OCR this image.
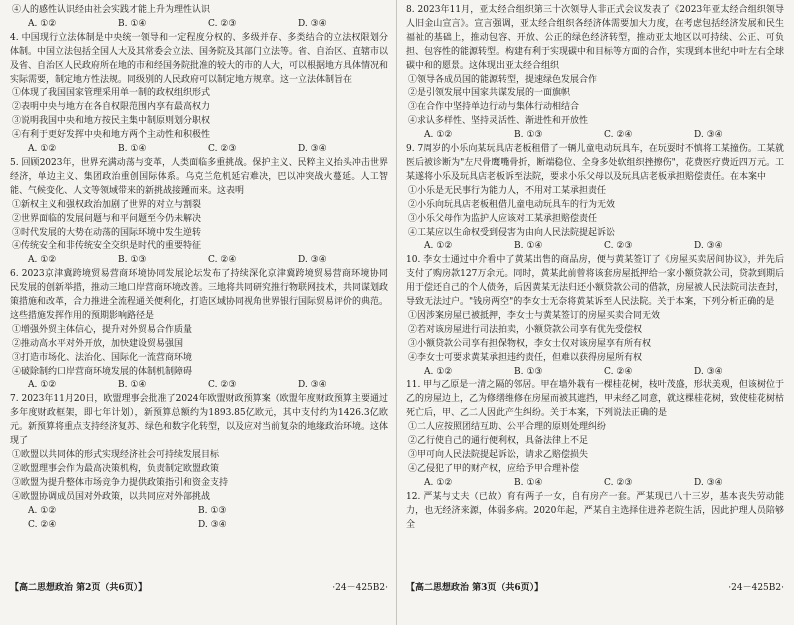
④人的感性认识经由社会实践才能上升为理性认识
A. ①②	B. ①④	C. ②③	D. ③④

4. 中国现行立法体制是中央统一领导和一定程度分权的、多级并存、多类结合的立法权限划分体制。中国立法包括全国人大及其常委会立法、国务院及其部门立法等。省、自治区、直辖市以及省、自治区人民政府所在地的市和经国务院批准的较大的市的人大，可以根据地方具体情况和实际需要，制定地方性法规。同级别的人民政府可以制定地方规章。这一立法体制旨在

①体现了我国国家管理采用单一制的政权组织形式
②表明中央与地方在各自权限范围内享有最高权力
③说明我国中央和地方按民主集中制原则划分职权
④有利于更好发挥中央和地方两个主动性和积极性
A. ①②	B. ①④	C. ②③	D. ③④

5. 回顾2023年，世界充满动荡与变革，人类面临多重挑战。保护主义、民粹主义抬头冲击世界经济，单边主义、集团政治重创国际体系。乌克兰危机延宕难决，巴以冲突战火蔓延。人工智能、气候变化、人文等领域带来的新挑战接踵而来。这表明

①新权主义和强权政治加剧了世界的对立与割裂
②世界面临的发展问题与和平问题至今仍未解决
③时代发展的大势在动荡的国际环境中发生逆转
④传统安全和非传统安全交织是时代的重要特征
A. ①②	B. ①③	C. ②④	D. ③④

6. 2023京津冀跨境贸易营商环境协同发展论坛发布了持续深化京津冀跨境贸易营商环境协同 民发展的创新举措，推动三地口岸营商环境改善。三地将共同研究推行物联网技术，共同谋划政策措施和改革，合力推进全流程通关便利化，打造区域协同视角世界银行国际贸易评价的典范。这些措施发挥作用的预期影响路径是

①增强外贸主体信心，提升对外贸易合作质量
②推动高水平对外开放，加快建设贸易强国
③打造市场化、法治化、国际化一流营商环境
④破除制约口岸营商环境发展的体制机制障碍
A. ①②	B. ①④	C. ②③	D. ③④

7. 2023年11月20日，欧盟理事会批准了2024年欧盟财政预算案（欧盟年度财政预算主要通过多年度财政框架，即七年计划），新预算总额约为1893.85亿欧元，其中支付约为1426.3亿欧元。新预算将重点支持经济复苏、绿色和数字化转型，以及应对当前复杂的地缘政治环境。这体现了

①欧盟以共同体的形式实现经济社会可持续发展目标
②欧盟理事会作为最高决策机构，负责制定欧盟政策
③欧盟为提升整体市场竞争力提供政策指引和资金支持
④欧盟协调成员国对外政策，以共同应对外部挑战
A. ①②	B. ①③
C. ②④	D. ③④

8. 2023年11月，亚太经合组织第三十次领导人非正式会议发表了《2023年亚太经合组织领导人旧金山宣言》。宣言强调，亚太经合组织各经济体需要加大力度，在考虑包括经济发展和民生福祉的基础上，推动包容、开放、公正的绿色经济转型，推动亚太地区以可持续、公正、可负担、包容性的能源转型。构建有利于实现碳中和目标等方面的合作，实现到本世纪中叶左右全球碳中和的愿景。这体现出亚太经合组织

①领导各成员国的能源转型，提速绿色发展合作
②是引领发展中国家共谋发展的一面旗帜
③在合作中坚持单边行动与集体行动相结合
④求认多样性、坚持灵活性、渐进性和开放性
A. ①②	B. ①③	C. ②④	D. ③④

9. 7周岁的小乐向某玩具店老板租借了一辆儿童电动玩具车，在玩耍时不慎将工某撞伤。工某就医后被诊断为"左尺骨鹰嘴骨折，断端稳位、全身多处软组织挫擦伤"，花费医疗费近四万元。工某遂将小乐及玩具店老板诉至法院，要求小乐父母以及玩具店老板承担赔偿责任。在本案中

①小乐是无民事行为能力人，不用对工某承担责任
②小乐向玩具店老板租借儿童电动玩具车的行为无效
③小乐父母作为监护人应该对工某承担赔偿责任
④工某应以生命权受到侵害为由向人民法院提起诉讼
A. ①②	B. ①④	C. ②③	D. ③④

10. 李女士通过中介看中了黄某出售的商品房，便与黄某签订了《房屋买卖居间协议》，并先后支付了购房款127万余元。同时，黄某此前曾将该套房屋抵押给一家小额贷款公司，贷款到期后用于偿还自己的个人债务，后因黄某无法归还小额贷款公司的借款，房屋被人民法院司法查封，导致无法过户。"钱房两空"的李女士无奈将黄某诉至人民法院。关于本案，下列分析正确的是

①因涉案房屋已被抵押，李女士与黄某签订的房屋买卖合同无效
②若对该房屋进行司法拍卖，小额贷款公司享有优先受偿权
③小额贷款公司享有担保物权，李女士仅对该房屋享有所有权
④李女士可要求黄某承担违约责任，但难以获得房屋所有权
A. ①②	B. ①③	C. ②④	D. ③④

11. 甲与乙原是一清之隔的邻居。甲在墙外栽有一棵桂花树，枝叶茂盛，形状美观，但该树位于乙的房屋边上，乙为修缮维修在房屋而被其遮挡，甲未经乙同意，就这棵桂花树，致使桂花树枯死亡后，甲、乙二人因此产生纠纷。关于本案，下列说法正确的是

①二人应按照团结互助、公平合理的原则处理纠纷
②乙行使自己的通行便利权，具备法律上不足
③甲可向人民法院提起诉讼，请求乙赔偿损失
④乙侵犯了甲的财产权，应给予甲合理补偿
A. ①②	B. ①④	C. ②③	D. ③④

12. 严某与丈夫（已故）育有两子一女，自有房产一套。严某现已八十三岁，基本丧失劳动能力，也无经济来源，体弱多病。2020年起，严某自主选择住进养老院生活，因此护理人员陪够全

【高二思想政治 第2页（共6页）】	·24－425B2· 【高二思想政治 第3页（共6页）】	·24－425B2·
